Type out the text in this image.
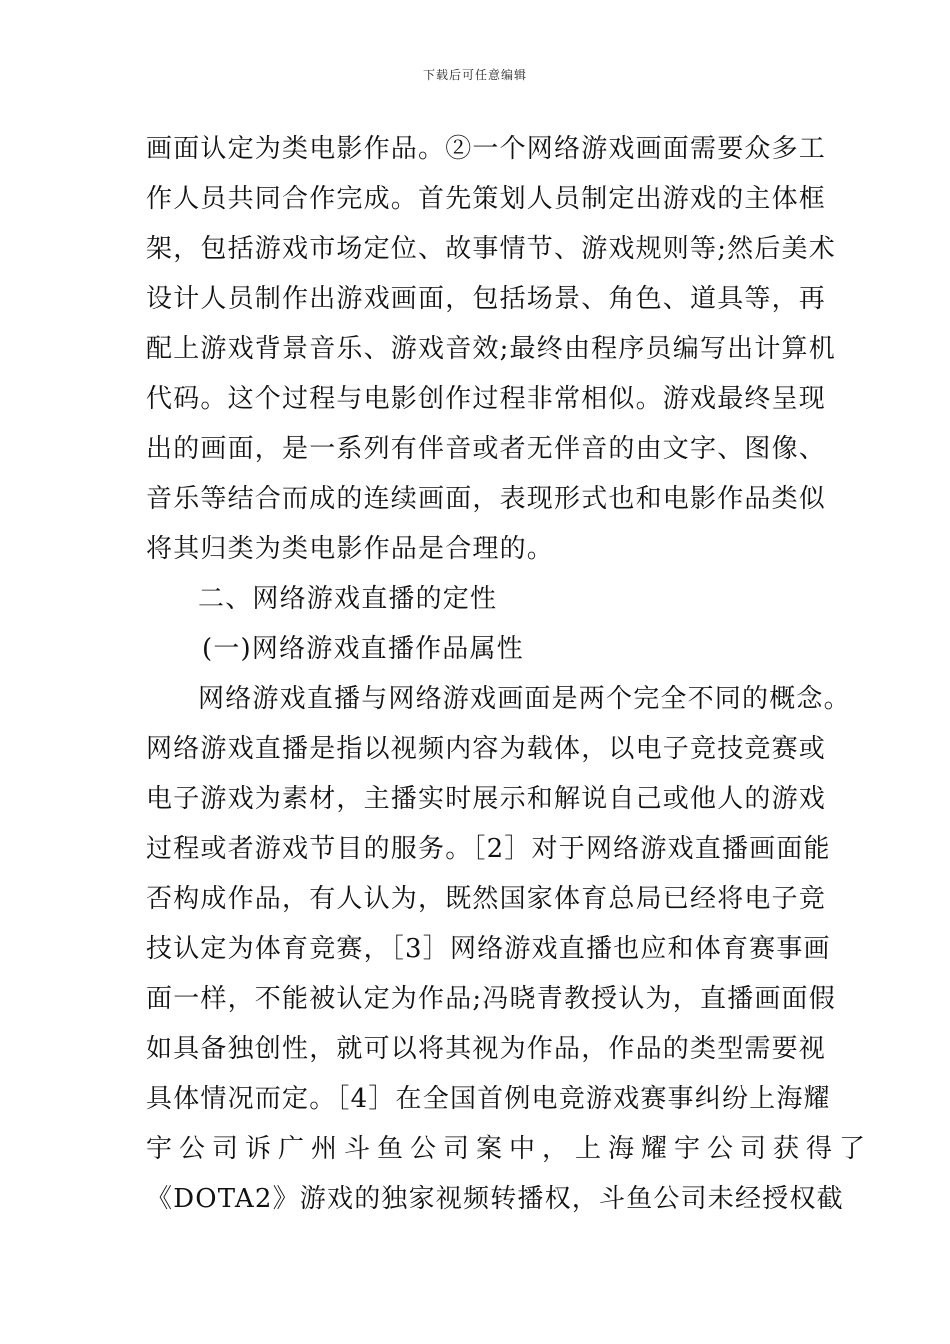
下载后可任意编辑
画面认定为类电影作品。②一个网络游戏画面需要众多工
作人员共同合作完成。首先策划人员制定出游戏的主体框
架，包括游戏市场定位、故事情节、游戏规则等;然后美术
设计人员制作出游戏画面，包括场景、角色、道具等，再
配上游戏背景音乐、游戏音效;最终由程序员编写出计算机
代码。这个过程与电影创作过程非常相似。游戏最终呈现
出的画面，是一系列有伴音或者无伴音的由文字、图像、
音乐等结合而成的连续画面，表现形式也和电影作品类似
将其归类为类电影作品是合理的。
二、网络游戏直播的定性
(一)网络游戏直播作品属性
网络游戏直播与网络游戏画面是两个完全不同的概念。
网络游戏直播是指以视频内容为载体，以电子竞技竞赛或
电子游戏为素材，主播实时展示和解说自己或他人的游戏
过程或者游戏节目的服务。［2］对于网络游戏直播画面能
否构成作品，有人认为，既然国家体育总局已经将电子竞
技认定为体育竞赛，［3］网络游戏直播也应和体育赛事画
面一样，不能被认定为作品;冯晓青教授认为，直播画面假
如具备独创性，就可以将其视为作品，作品的类型需要视
具体情况而定。［4］在全国首例电竞游戏赛事纠纷上海耀
宇公司诉广州斗鱼公司案中，上海耀宇公司获得了
《DOTA2》游戏的独家视频转播权，斗鱼公司未经授权截
